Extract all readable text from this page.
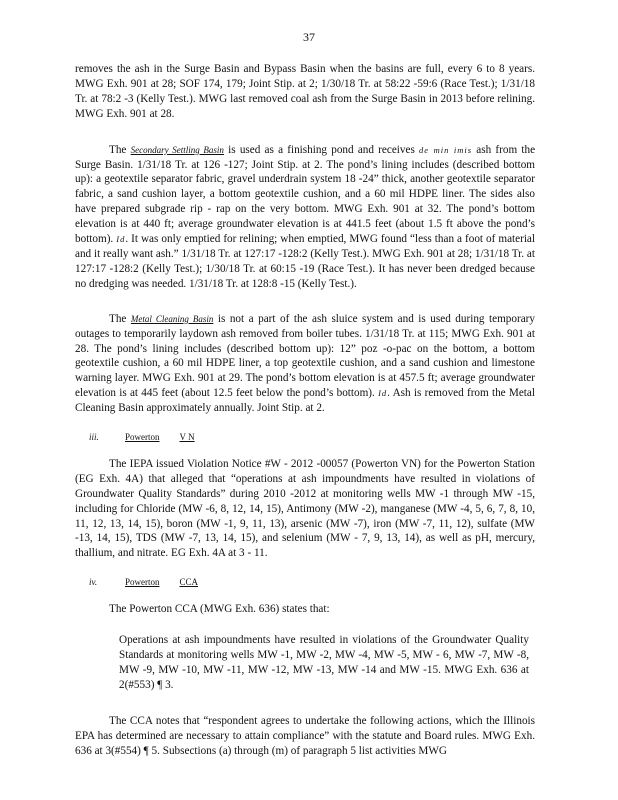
37

removes the ash in the Surge Basin and Bypass Basin when the basins are full, every 6 to 8 years. MWG Exh. 901 at 28; SOF 174, 179; Joint Stip. at 2; 1/30/18 Tr. at 58:22 -59:6 (Race Test.); 1/31/18 Tr. at 78:2 -3 (Kelly Test.). MWG last removed coal ash from the Surge Basin in 2013 before relining. MWG Exh. 901 at 28.

The Secondary Settling Basin is used as a finishing pond and receives de min imis ash from the Surge Basin. 1/31/18 Tr. at 126 -127; Joint Stip. at 2. The pond’s lining includes (described bottom up): a geotextile separator fabric, gravel underdrain system 18 -24” thick, another geotextile separator fabric, a sand cushion layer, a bottom geotextile cushion, and a 60 mil HDPE liner. The sides also have prepared subgrade rip - rap on the very bottom. MWG Exh. 901 at 32. The pond’s bottom elevation is at 440 ft; average groundwater elevation is at 441.5 feet (about 1.5 ft above the pond’s bottom). Id. It was only emptied for relining; when emptied, MWG found “less than a foot of material and it really want ash.” 1/31/18 Tr. at 127:17 -128:2 (Kelly Test.). MWG Exh. 901 at 28; 1/31/18 Tr. at 127:17 -128:2 (Kelly Test.); 1/30/18 Tr. at 60:15 -19 (Race Test.). It has never been dredged because no dredging was needed. 1/31/18 Tr. at 128:8 -15 (Kelly Test.).

The Metal Cleaning Basin is not a part of the ash sluice system and is used during temporary outages to temporarily laydown ash removed from boiler tubes. 1/31/18 Tr. at 115; MWG Exh. 901 at 28. The pond’s lining includes (described bottom up): 12” poz -o-pac on the bottom, a bottom geotextile cushion, a 60 mil HDPE liner, a top geotextile cushion, and a sand cushion and limestone warning layer. MWG Exh. 901 at 29. The pond’s bottom elevation is at 457.5 ft; average groundwater elevation is at 445 feet (about 12.5 feet below the pond’s bottom). Id. Ash is removed from the Metal Cleaning Basin approximately annually. Joint Stip. at 2.

iii.	Powerton V N

The IEPA issued Violation Notice #W - 2012 -00057 (Powerton VN) for the Powerton Station (EG Exh. 4A) that alleged that “operations at ash impoundments have resulted in violations of Groundwater Quality Standards” during 2010 -2012 at monitoring wells MW -1 through MW -15, including for Chloride (MW -6, 8, 12, 14, 15), Antimony (MW -2), manganese (MW -4, 5, 6, 7, 8, 10, 11, 12, 13, 14, 15), boron (MW -1, 9, 11, 13), arsenic (MW -7), iron (MW -7, 11, 12), sulfate (MW -13, 14, 15), TDS (MW -7, 13, 14, 15), and selenium (MW - 7, 9, 13, 14), as well as pH, mercury, thallium, and nitrate. EG Exh. 4A at 3 - 11.

iv.	Powerton CCA

The Powerton CCA (MWG Exh. 636) states that:

Operations at ash impoundments have resulted in violations of the Groundwater Quality Standards at monitoring wells MW -1, MW -2, MW -4, MW -5, MW - 6, MW -7, MW -8, MW -9, MW -10, MW -11, MW -12, MW -13, MW -14 and MW -15. MWG Exh. 636 at 2(#553) ¶ 3.

The CCA notes that “respondent agrees to undertake the following actions, which the Illinois EPA has determined are necessary to attain compliance” with the statute and Board rules. MWG Exh. 636 at 3(#554) ¶ 5. Subsections (a) through (m) of paragraph 5 list activities MWG
